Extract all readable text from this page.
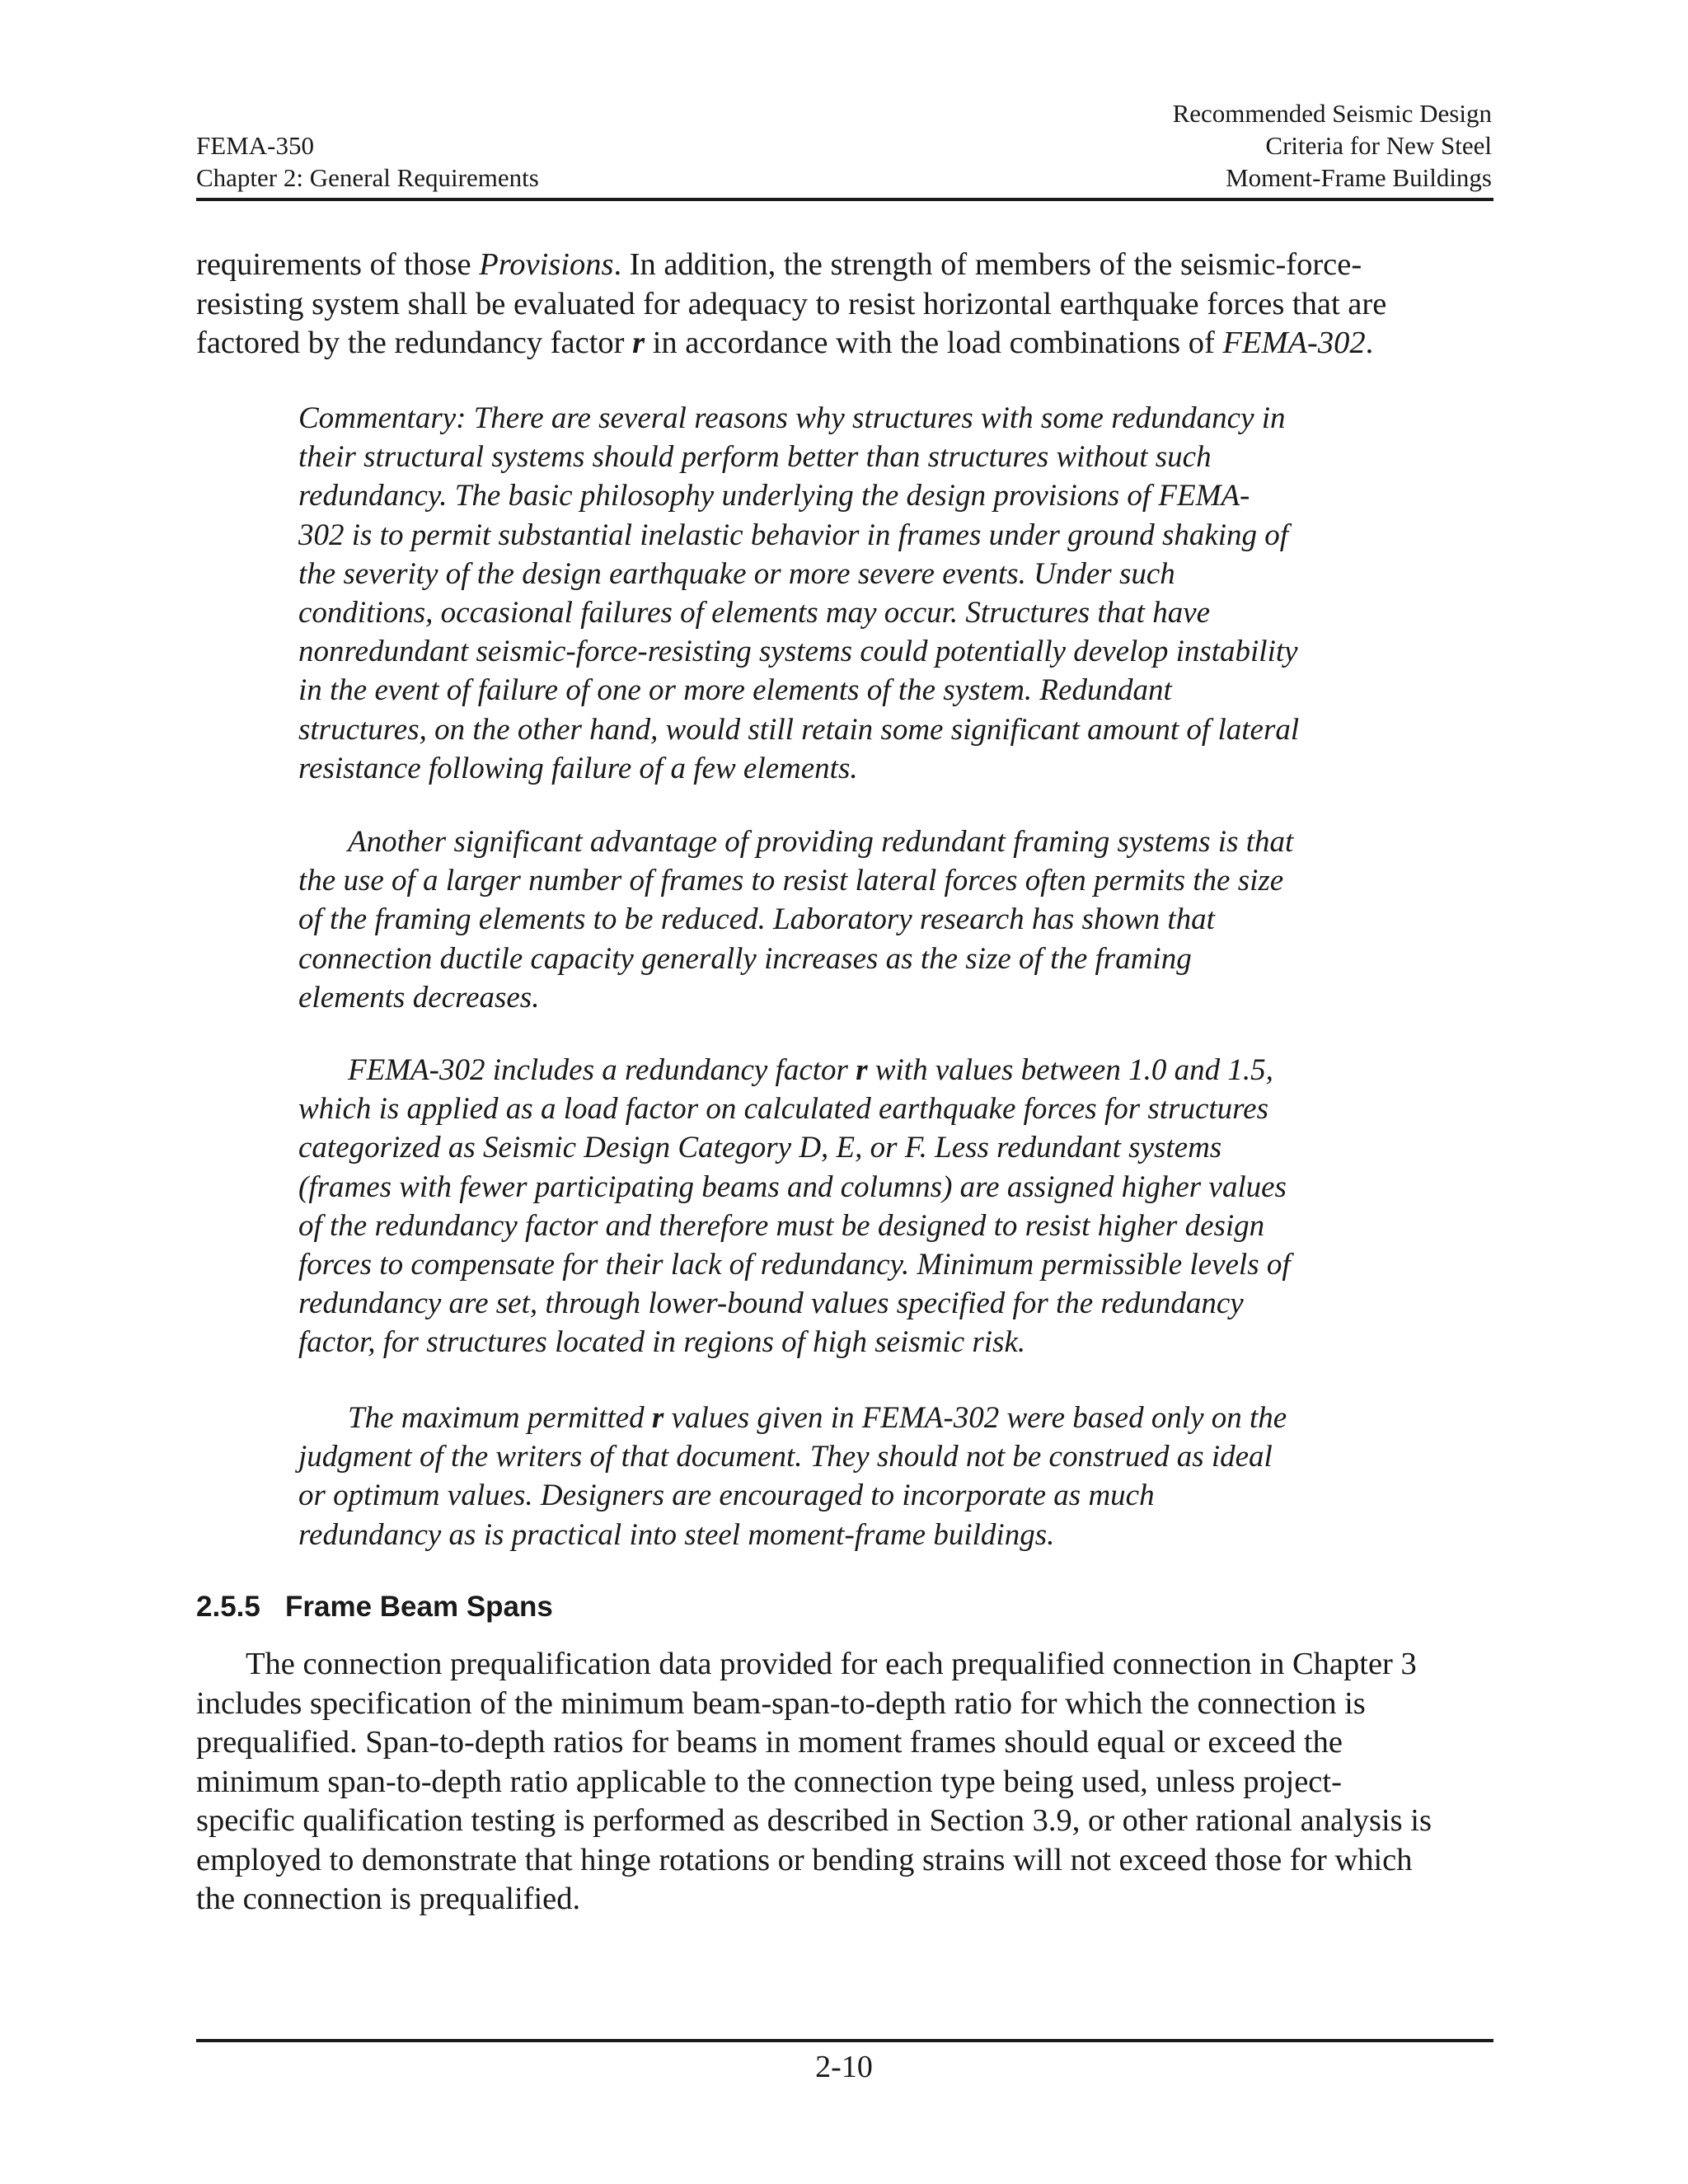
FEMA-350
Chapter 2: General Requirements
Recommended Seismic Design
Criteria for New Steel
Moment-Frame Buildings
requirements of those Provisions. In addition, the strength of members of the seismic-force-
resisting system shall be evaluated for adequacy to resist horizontal earthquake forces that are
factored by the redundancy factor r in accordance with the load combinations of FEMA-302.
Commentary: There are several reasons why structures with some redundancy in
their structural systems should perform better than structures without such
redundancy. The basic philosophy underlying the design provisions of FEMA-
302 is to permit substantial inelastic behavior in frames under ground shaking of
the severity of the design earthquake or more severe events. Under such
conditions, occasional failures of elements may occur. Structures that have
nonredundant seismic-force-resisting systems could potentially develop instability
in the event of failure of one or more elements of the system. Redundant
structures, on the other hand, would still retain some significant amount of lateral
resistance following failure of a few elements.
Another significant advantage of providing redundant framing systems is that
the use of a larger number of frames to resist lateral forces often permits the size
of the framing elements to be reduced. Laboratory research has shown that
connection ductile capacity generally increases as the size of the framing
elements decreases.
FEMA-302 includes a redundancy factor r with values between 1.0 and 1.5,
which is applied as a load factor on calculated earthquake forces for structures
categorized as Seismic Design Category D, E, or F. Less redundant systems
(frames with fewer participating beams and columns) are assigned higher values
of the redundancy factor and therefore must be designed to resist higher design
forces to compensate for their lack of redundancy. Minimum permissible levels of
redundancy are set, through lower-bound values specified for the redundancy
factor, for structures located in regions of high seismic risk.
The maximum permitted r values given in FEMA-302 were based only on the
judgment of the writers of that document. They should not be construed as ideal
or optimum values. Designers are encouraged to incorporate as much
redundancy as is practical into steel moment-frame buildings.
2.5.5 Frame Beam Spans
The connection prequalification data provided for each prequalified connection in Chapter 3
includes specification of the minimum beam-span-to-depth ratio for which the connection is
prequalified. Span-to-depth ratios for beams in moment frames should equal or exceed the
minimum span-to-depth ratio applicable to the connection type being used, unless project-
specific qualification testing is performed as described in Section 3.9, or other rational analysis is
employed to demonstrate that hinge rotations or bending strains will not exceed those for which
the connection is prequalified.
2-10
